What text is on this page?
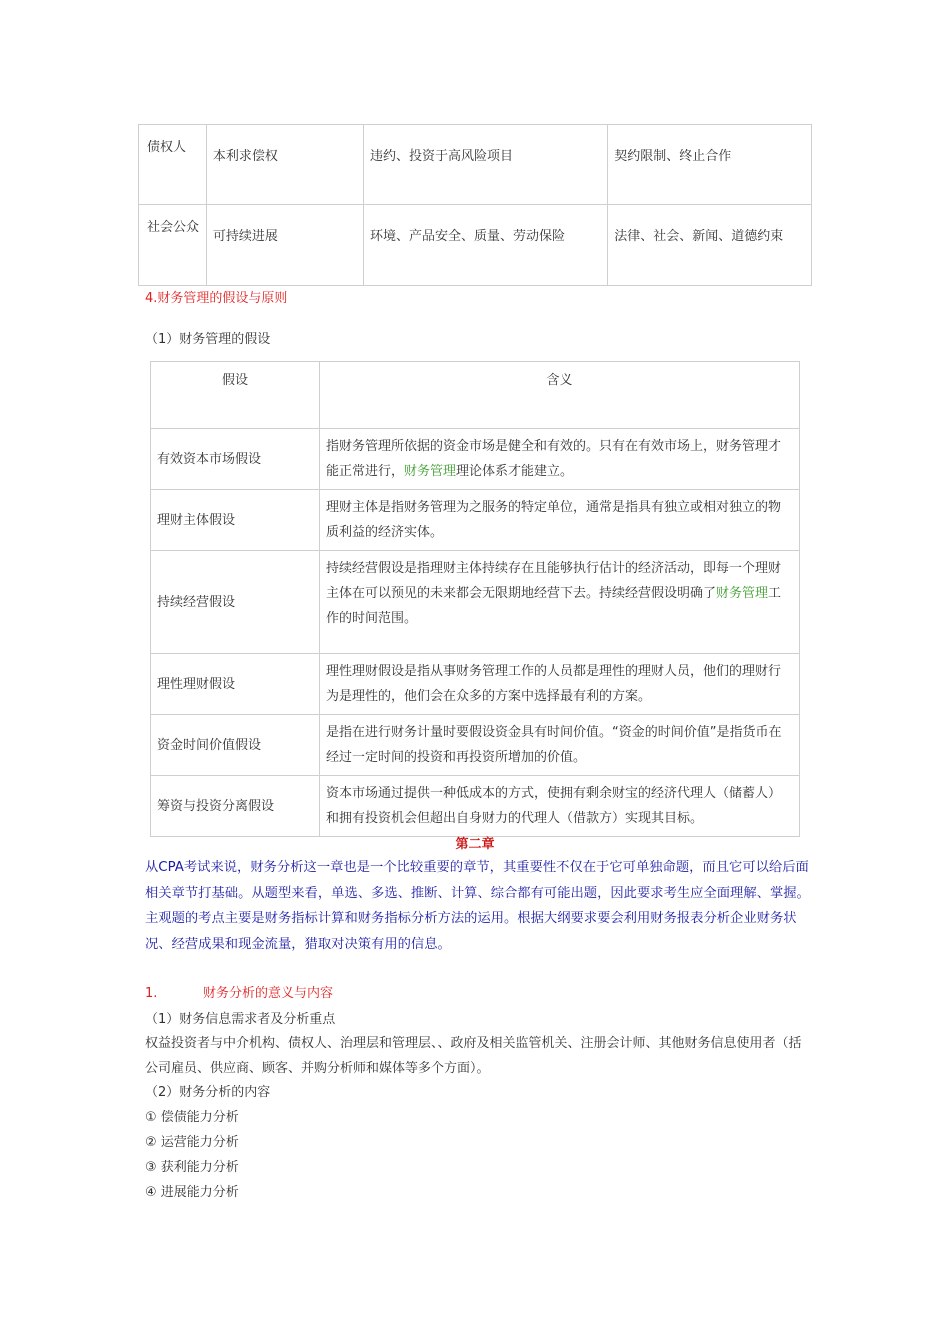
债权人	本利求偿权	违约、投资于高风险项目	契约限制、终止合作
社会公众	可持续进展	环境、产品安全、质量、劳动保险	法律、社会、新闻、道德约束
4.财务管理的假设与原则
（1）财务管理的假设
假设	含义
有效资本市场假设	指财务管理所依据的资金市场是健全和有效的。只有在有效市场上，财务管理才能正常进行，财务管理理论体系才能建立。
理财主体假设	理财主体是指财务管理为之服务的特定单位，通常是指具有独立或相对独立的物质利益的经济实体。
持续经营假设	持续经营假设是指理财主体持续存在且能够执行估计的经济活动，即每一个理财主体在可以预见的未来都会无限期地经营下去。持续经营假设明确了财务管理工作的时间范围。
理性理财假设	理性理财假设是指从事财务管理工作的人员都是理性的理财人员，他们的理财行为是理性的，他们会在众多的方案中选择最有利的方案。
资金时间价值假设	是指在进行财务计量时要假设资金具有时间价值。“资金的时间价值”是指货币在经过一定时间的投资和再投资所增加的价值。
筹资与投资分离假设	资本市场通过提供一种低成本的方式，使拥有剩余财宝的经济代理人（储蓄人）和拥有投资机会但超出自身财力的代理人（借款方）实现其目标。
第二章
从CPA考试来说，财务分析这一章也是一个比较重要的章节，其重要性不仅在于它可单独命题，而且它可以给后面相关章节打基础。从题型来看，单选、多选、推断、计算、综合都有可能出题，因此要求考生应全面理解、掌握。主观题的考点主要是财务指标计算和财务指标分析方法的运用。根据大纲要求要会利用财务报表分析企业财务状况、经营成果和现金流量，猎取对决策有用的信息。
1.	财务分析的意义与内容
（1）财务信息需求者及分析重点
权益投资者与中介机构、债权人、治理层和管理层、、政府及相关监管机关、注册会计师、其他财务信息使用者（括公司雇员、供应商、顾客、并购分析师和媒体等多个方面）。
（2）财务分析的内容
① 偿债能力分析
② 运营能力分析
③ 获利能力分析
④ 进展能力分析
